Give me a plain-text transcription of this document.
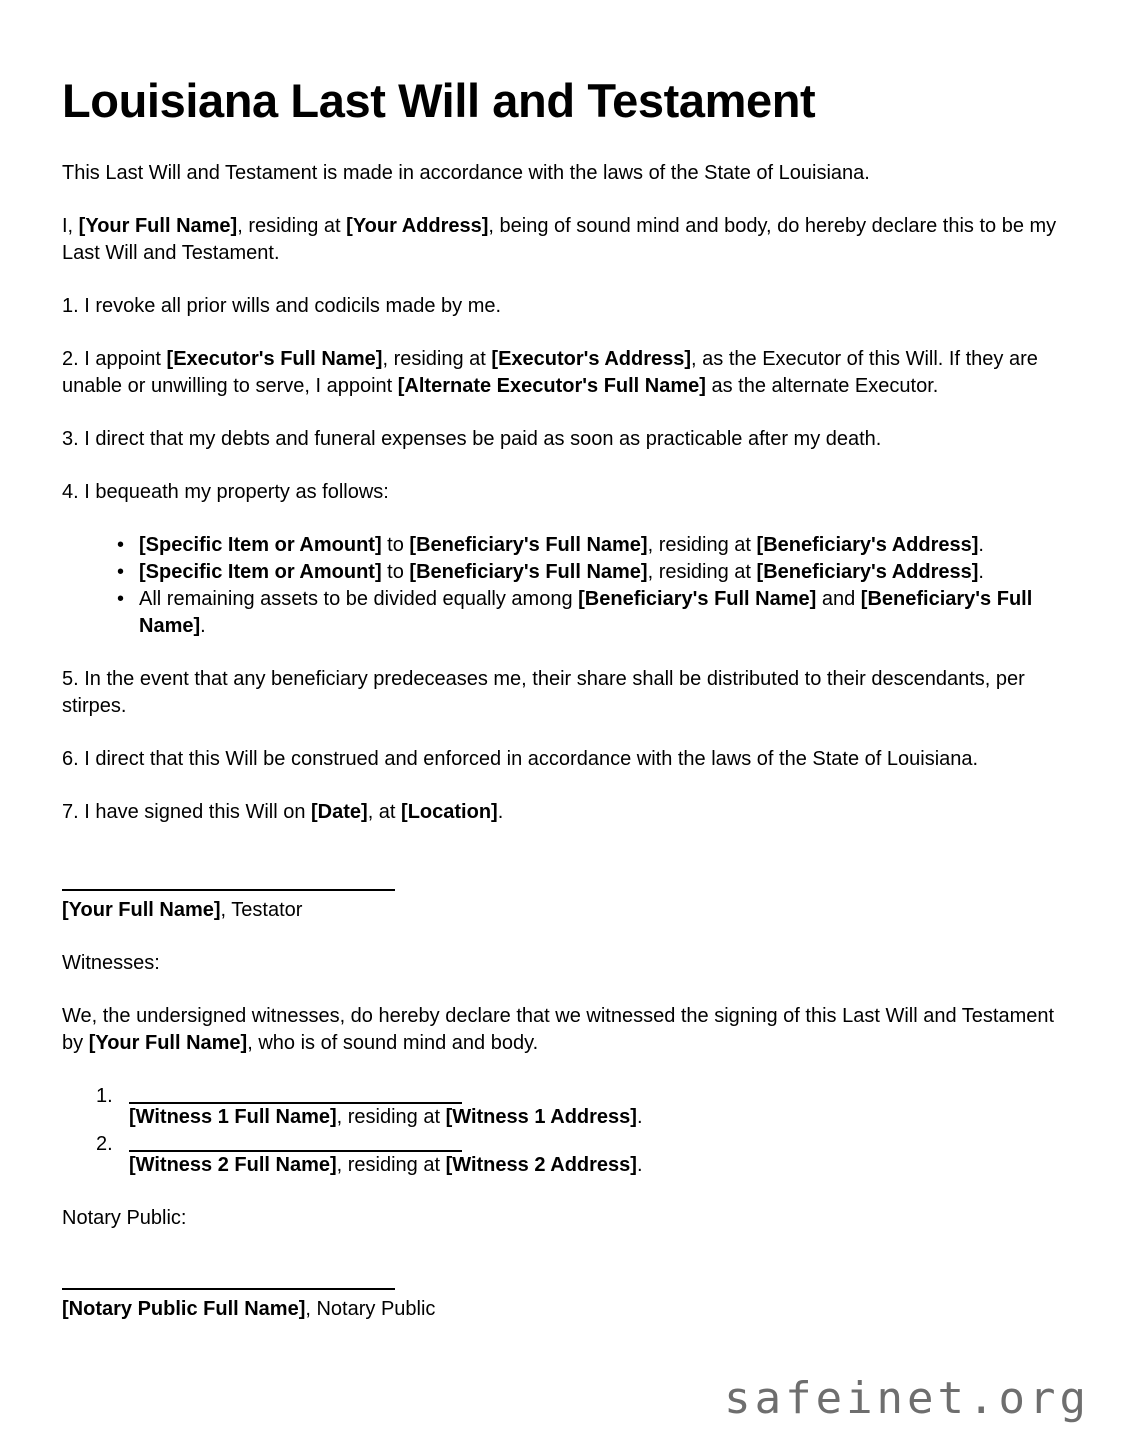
Louisiana Last Will and Testament

This Last Will and Testament is made in accordance with the laws of the State of Louisiana.

I, [Your Full Name], residing at [Your Address], being of sound mind and body, do hereby declare this to be my Last Will and Testament.

1. I revoke all prior wills and codicils made by me.

2. I appoint [Executor's Full Name], residing at [Executor's Address], as the Executor of this Will. If they are unable or unwilling to serve, I appoint [Alternate Executor's Full Name] as the alternate Executor.

3. I direct that my debts and funeral expenses be paid as soon as practicable after my death.

4. I bequeath my property as follows:

• [Specific Item or Amount] to [Beneficiary's Full Name], residing at [Beneficiary's Address].
• [Specific Item or Amount] to [Beneficiary's Full Name], residing at [Beneficiary's Address].
• All remaining assets to be divided equally among [Beneficiary's Full Name] and [Beneficiary's Full Name].

5. In the event that any beneficiary predeceases me, their share shall be distributed to their descendants, per stirpes.

6. I direct that this Will be construed and enforced in accordance with the laws of the State of Louisiana.

7. I have signed this Will on [Date], at [Location].

[Your Full Name], Testator

Witnesses:

We, the undersigned witnesses, do hereby declare that we witnessed the signing of this Last Will and Testament by [Your Full Name], who is of sound mind and body.

[Witness 1 Full Name], residing at [Witness 1 Address].
[Witness 2 Full Name], residing at [Witness 2 Address].

Notary Public:

[Notary Public Full Name], Notary Public

safeinet.org
